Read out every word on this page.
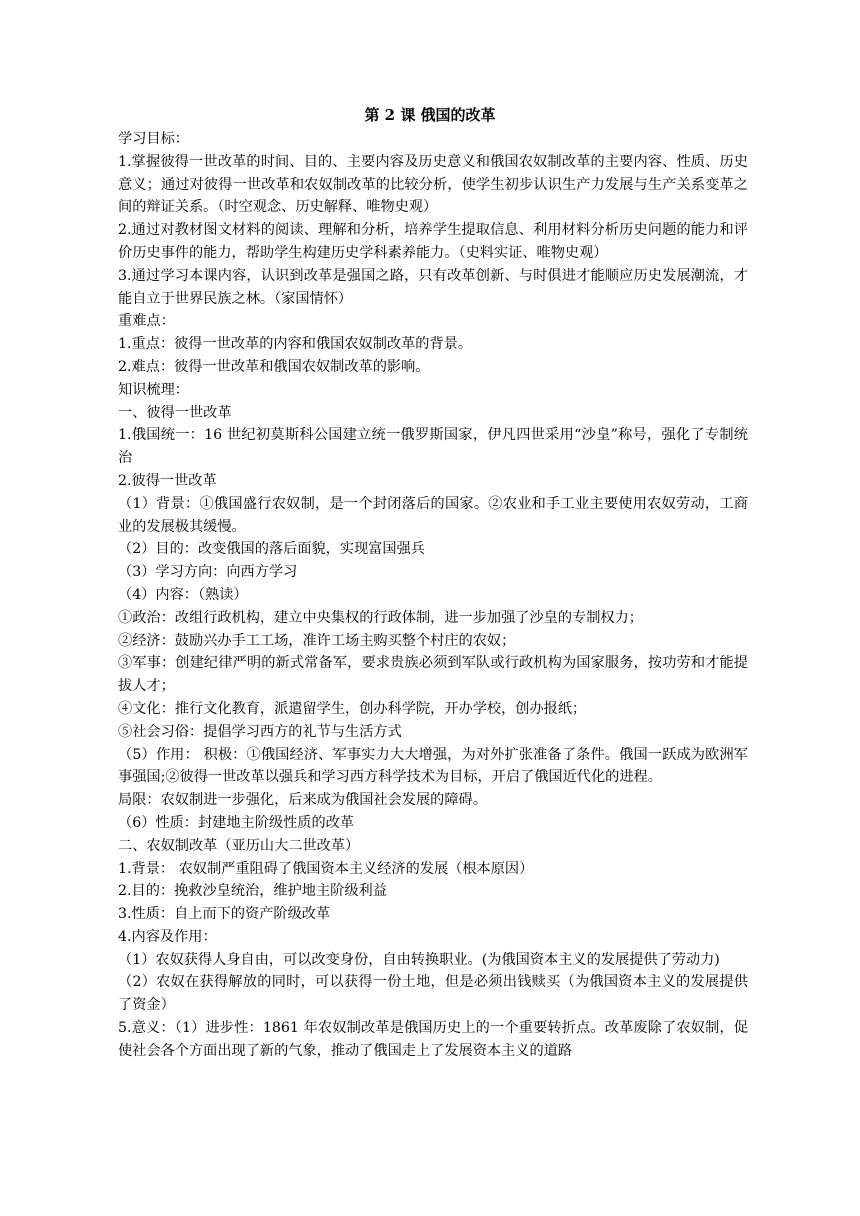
第 2 课 俄国的改革

学习目标：

1.掌握彼得一世改革的时间、目的、主要内容及历史意义和俄国农奴制改革的主要内容、性质、历史意义；通过对彼得一世改革和农奴制改革的比较分析，使学生初步认识生产力发展与生产关系变革之间的辩证关系。（时空观念、历史解释、唯物史观）

2.通过对教材图文材料的阅读、理解和分析，培养学生提取信息、利用材料分析历史问题的能力和评价历史事件的能力，帮助学生构建历史学科素养能力。（史料实证、唯物史观）

3.通过学习本课内容，认识到改革是强国之路，只有改革创新、与时俱进才能顺应历史发展潮流，才能自立于世界民族之林。（家国情怀）

重难点：

1.重点：彼得一世改革的内容和俄国农奴制改革的背景。

2.难点：彼得一世改革和俄国农奴制改革的影响。

知识梳理：

一、彼得一世改革

1.俄国统一：16 世纪初莫斯科公国建立统一俄罗斯国家，伊凡四世采用“沙皇”称号，强化了专制统治

2.彼得一世改革

（1）背景：①俄国盛行农奴制，是一个封闭落后的国家。②农业和手工业主要使用农奴劳动，工商业的发展极其缓慢。

（2）目的：改变俄国的落后面貌，实现富国强兵

（3）学习方向：向西方学习

（4）内容：（熟读）

①政治：改组行政机构，建立中央集权的行政体制，进一步加强了沙皇的专制权力；

②经济：鼓励兴办手工工场，准许工场主购买整个村庄的农奴；

③军事：创建纪律严明的新式常备军，要求贵族必须到军队或行政机构为国家服务，按功劳和才能提拔人才；

④文化：推行文化教育，派遣留学生，创办科学院，开办学校，创办报纸；

⑤社会习俗：提倡学习西方的礼节与生活方式

（5）作用： 积极：①俄国经济、军事实力大大增强，为对外扩张准备了条件。俄国一跃成为欧洲军事强国;②彼得一世改革以强兵和学习西方科学技术为目标，开启了俄国近代化的进程。

局限：农奴制进一步强化，后来成为俄国社会发展的障碍。

（6）性质：封建地主阶级性质的改革

二、农奴制改革（亚历山大二世改革）

1.背景： 农奴制严重阻碍了俄国资本主义经济的发展（根本原因）

2.目的：挽救沙皇统治，维护地主阶级利益

3.性质：自上而下的资产阶级改革

4.内容及作用：

（1）农奴获得人身自由，可以改变身份，自由转换职业。(为俄国资本主义的发展提供了劳动力)

（2）农奴在获得解放的同时，可以获得一份土地，但是必须出钱赎买（为俄国资本主义的发展提供了资金）

5.意义：（1）进步性：1861 年农奴制改革是俄国历史上的一个重要转折点。改革废除了农奴制，促使社会各个方面出现了新的气象，推动了俄国走上了发展资本主义的道路
